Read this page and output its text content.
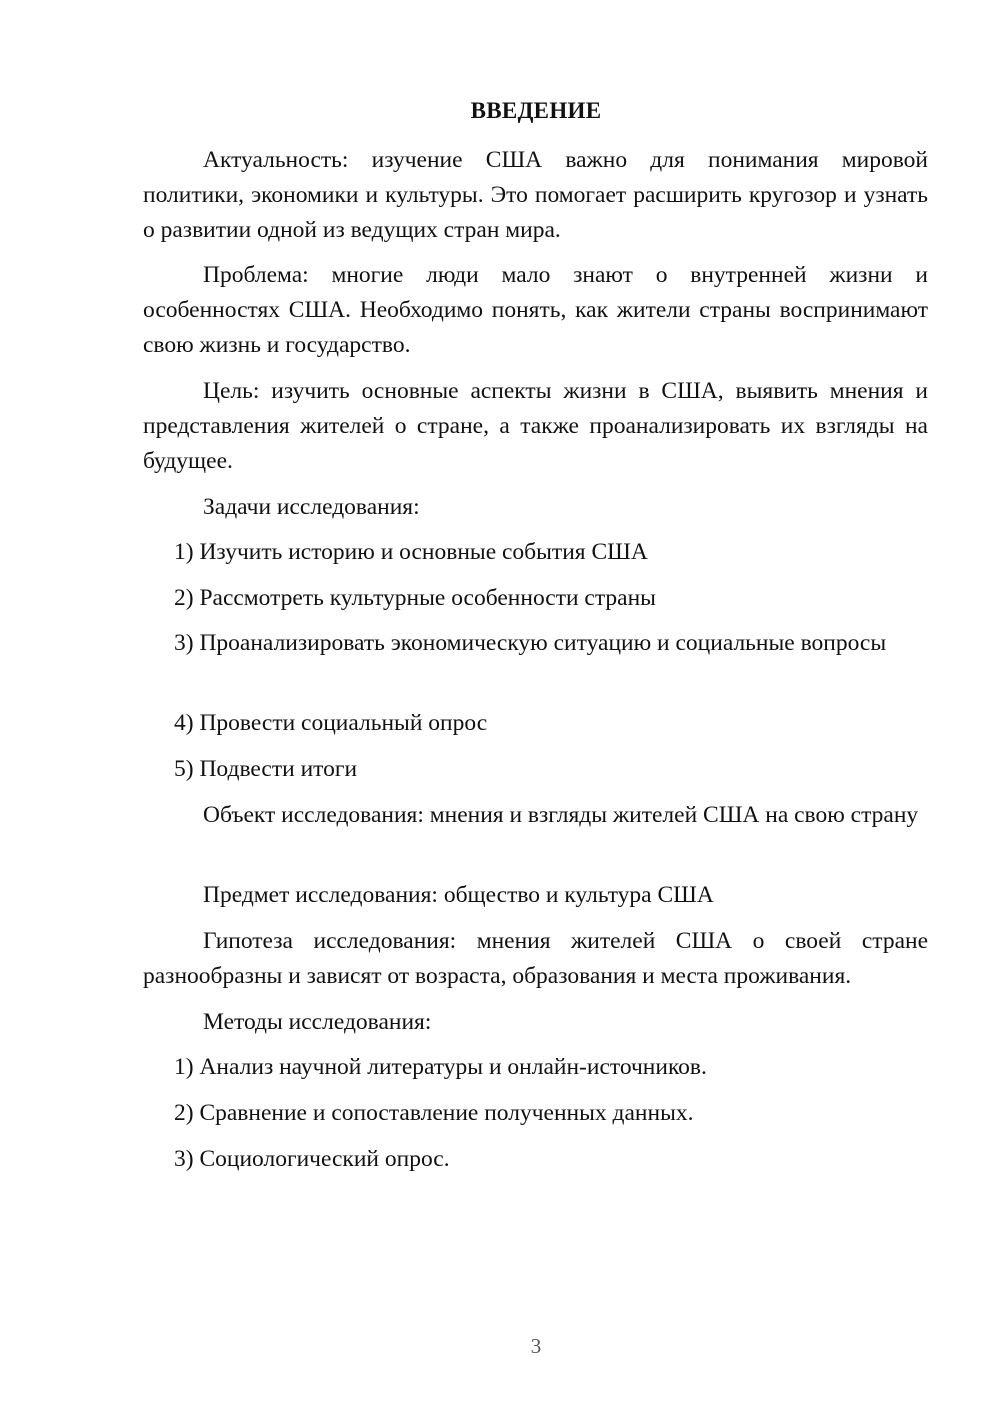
ВВЕДЕНИЕ

Актуальность: изучение США важно для понимания мировой политики, экономики и культуры. Это помогает расширить кругозор и узнать о развитии одной из ведущих стран мира.

Проблема: многие люди мало знают о внутренней жизни и особенностях США. Необходимо понять, как жители страны воспринимают свою жизнь и государство.

Цель: изучить основные аспекты жизни в США, выявить мнения и представления жителей о стране, а также проанализировать их взгляды на будущее.

Задачи исследования:

1) Изучить историю и основные события США

2) Рассмотреть культурные особенности страны

3) Проанализировать экономическую ситуацию и социальные вопросы

4) Провести социальный опрос

5) Подвести итоги

Объект исследования: мнения и взгляды жителей США на свою страну

Предмет исследования: общество и культура США

Гипотеза исследования: мнения жителей США о своей стране разнообразны и зависят от возраста, образования и места проживания.

Методы исследования:

1) Анализ научной литературы и онлайн-источников.

2) Сравнение и сопоставление полученных данных.

3) Социологический опрос.

3
